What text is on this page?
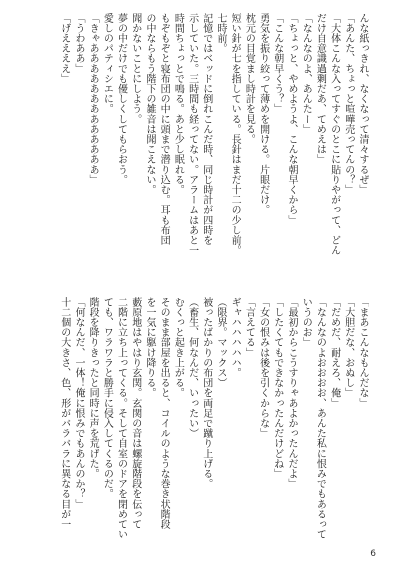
んな紙っきれ、なくなって清々するぜ」
「あんた、ちょっと喧嘩売ってんの？」
「大体こんな入ってすぐのとこに貼りやがって、どん
だけ自意識過剰だあ、てめえは」
「なんなのよ、あんたー」
「ちょっと、やめようよ、こんな朝早くから」
「こんな朝早くう？」
勇気を振り絞って薄めを開ける。片眼だけ。
枕元の目覚まし時計を見る。
短い針が七を指している。長針はまだ十二の少し前。
七時前。
記憶ではベッドに倒れこんだ時、同じ時計が四時を
示していた。三時間も経ってない。アラームはあと一
時間ちょっとで鳴る。あと少し眠れる。
もぞもぞと寝布団の中に頭まで潜り込む。耳も布団
の中ならもう階下の雑音は聞こえない。
聞かないことにしよう。
夢の中だけでも優しくしてもらおう。
愛しのパティシエに。
「きゃあああああああああああああ」
「うわああ」
「げええええ」
「まあこんなもんだな」
「大胆だな、おぬし」
「だめだ、耐えろ、俺」
「なんなのよおおおお、あんた私に恨みでもあるって
いうのお」
「最初からこうすりゃあよかったんだよ」
「したくてもできなかったんだけどね」
「女の恨みは後を引くからな」
「言えてる」
ギャハハハハハ。
（限界。マックス）
被ったばかりの布団を両足で蹴り上げる。
（畜生、何なんだ、いったい）
むくっと起き上がる。
そのまま部屋を出ると、コイルのような巻き状階段
を一気に駆け降りる。
藪原地はやはり玄関。玄関の音は螺旋階段を伝って
二階に立ち上ってくる。そして自室のドアを閉めてい
ても、ワラワラと勝手に侵入してくるのだ。
階段を降りきったと同時に声を荒げた。
「何なんだ、一体！俺に恨みでもあんのか？」
十二個の大きさ、色、形がバラバラに異なる目が一
6
